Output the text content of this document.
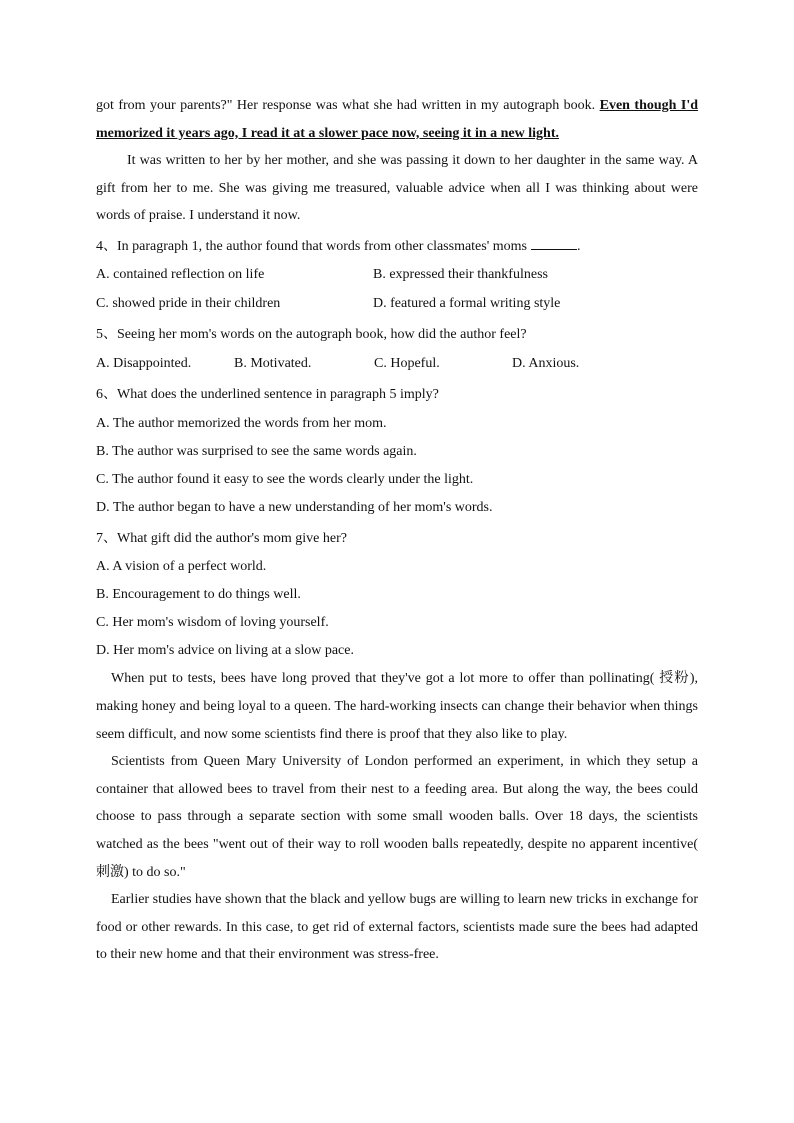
got from your parents?" Her response was what she had written in my autograph book. Even though I'd memorized it years ago, I read it at a slower pace now, seeing it in a new light.

It was written to her by her mother, and she was passing it down to her daughter in the same way. A gift from her to me. She was giving me treasured, valuable advice when all I was thinking about were words of praise. I understand it now.

4、In paragraph 1, the author found that words from other classmates' moms	.

A. contained reflection on life	B. expressed their thankfulness
C. showed pride in their children	D. featured a formal writing style

5、Seeing her mom's words on the autograph book, how did the author feel?

A. Disappointed.	B. Motivated.	C. Hopeful.	D. Anxious.

6、What does the underlined sentence in paragraph 5 imply?

A. The author memorized the words from her mom.

B. The author was surprised to see the same words again.

C. The author found it easy to see the words clearly under the light.

D. The author began to have a new understanding of her mom's words.

7、What gift did the author's mom give her?

A. A vision of a perfect world.

B. Encouragement to do things well.

C. Her mom's wisdom of loving yourself.

D. Her mom's advice on living at a slow pace.

When put to tests, bees have long proved that they've got a lot more to offer than pollinating( 授粉), making honey and being loyal to a queen. The hard-working insects can change their behavior when things seem difficult, and now some scientists find there is proof that they also like to play.

Scientists from Queen Mary University of London performed an experiment, in which they setup a container that allowed bees to travel from their nest to a feeding area. But along the way, the bees could choose to pass through a separate section with some small wooden balls. Over 18 days, the scientists watched as the bees "went out of their way to roll wooden balls repeatedly, despite no apparent incentive( 刺激) to do so."

Earlier studies have shown that the black and yellow bugs are willing to learn new tricks in exchange for food or other rewards. In this case, to get rid of external factors, scientists made sure the bees had adapted to their new home and that their environment was stress-free.
